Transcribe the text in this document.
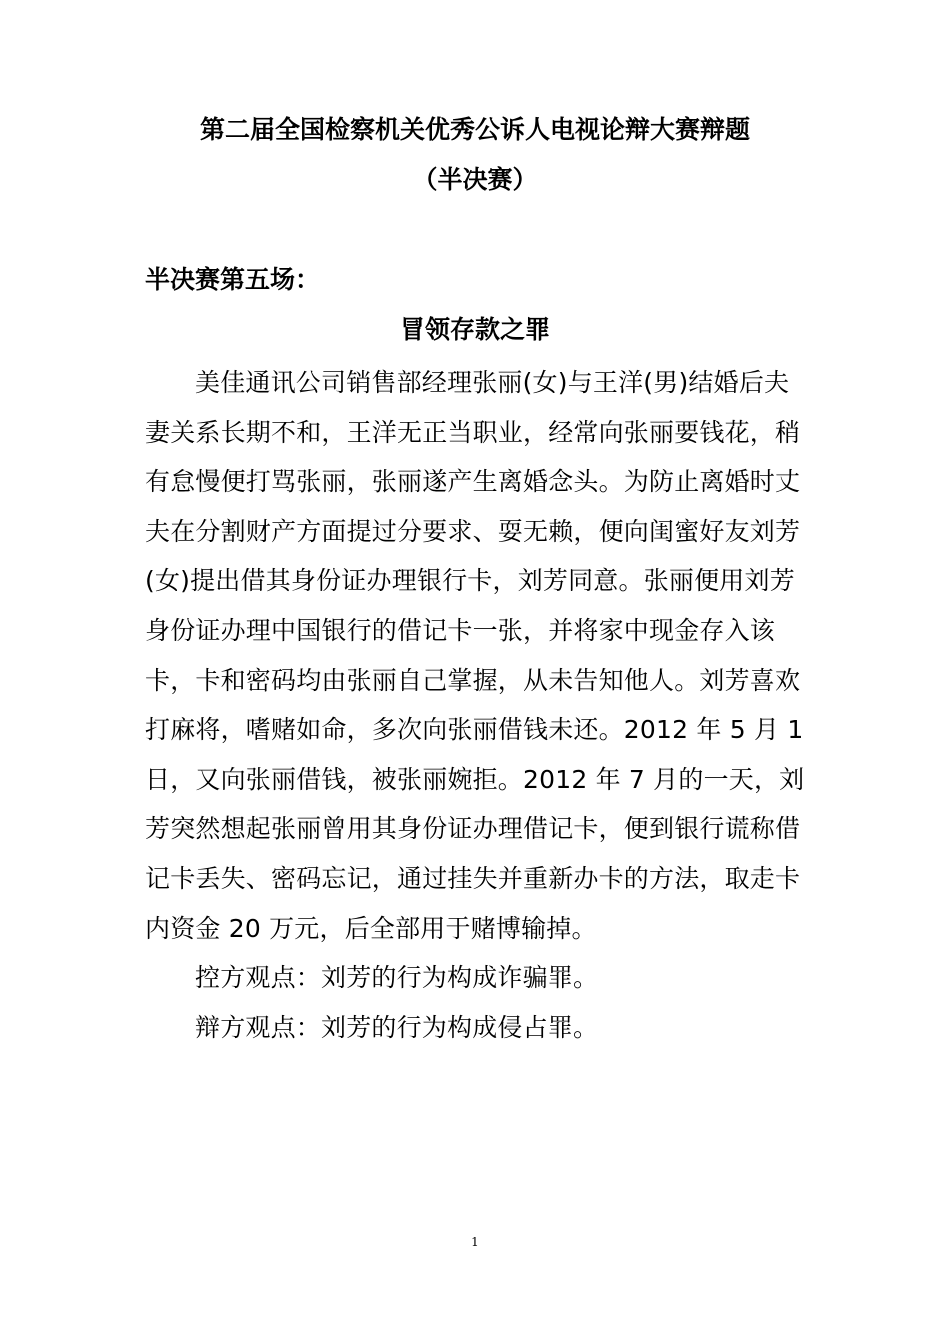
第二届全国检察机关优秀公诉人电视论辩大赛辩题
（半决赛）
半决赛第五场：
冒领存款之罪
美佳通讯公司销售部经理张丽(女)与王洋(男)结婚后夫
妻关系长期不和，王洋无正当职业，经常向张丽要钱花，稍
有怠慢便打骂张丽，张丽遂产生离婚念头。为防止离婚时丈
夫在分割财产方面提过分要求、耍无赖，便向闺蜜好友刘芳
(女)提出借其身份证办理银行卡，刘芳同意。张丽便用刘芳
身份证办理中国银行的借记卡一张，并将家中现金存入该
卡，卡和密码均由张丽自己掌握，从未告知他人。刘芳喜欢
打麻将，嗜赌如命，多次向张丽借钱未还。2012 年 5 月 1
日，又向张丽借钱，被张丽婉拒。2012 年 7 月的一天，刘
芳突然想起张丽曾用其身份证办理借记卡，便到银行谎称借
记卡丢失、密码忘记，通过挂失并重新办卡的方法，取走卡
内资金 20 万元，后全部用于赌博输掉。
控方观点：刘芳的行为构成诈骗罪。
辩方观点：刘芳的行为构成侵占罪。
1
